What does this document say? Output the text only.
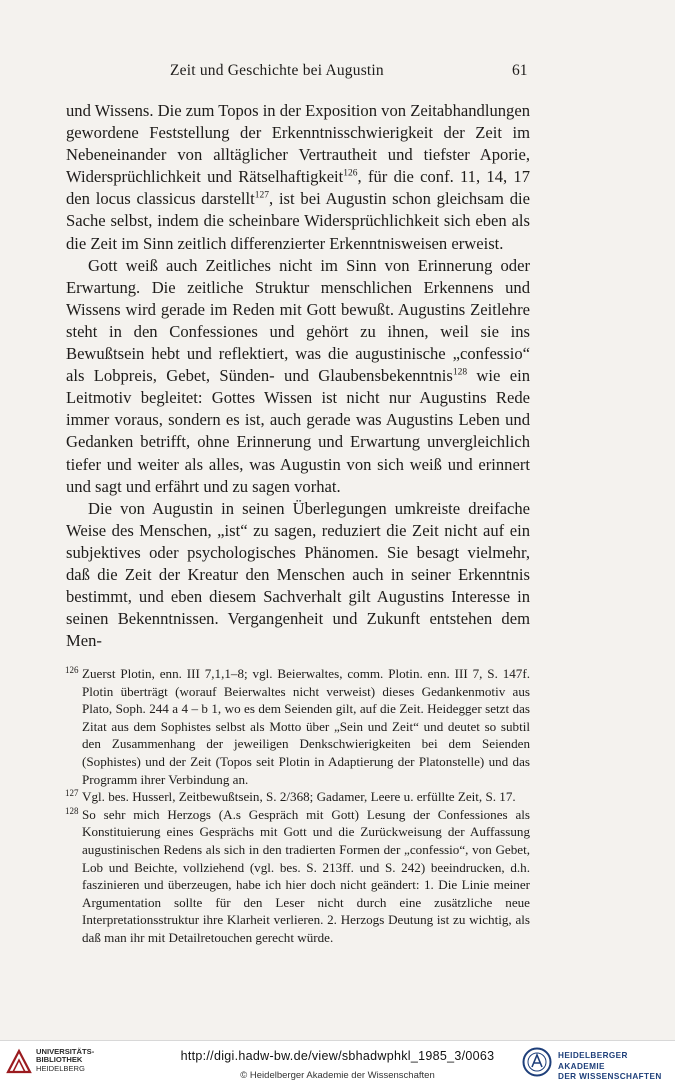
Zeit und Geschichte bei Augustin	61

und Wissens. Die zum Topos in der Exposition von Zeitabhandlungen gewordene Feststellung der Erkenntnisschwierigkeit der Zeit im Nebeneinander von alltäglicher Vertrautheit und tiefster Aporie, Widersprüchlichkeit und Rätselhaftigkeit$^{126}$, für die conf. 11, 14, 17 den locus classicus darstellt$^{127}$, ist bei Augustin schon gleichsam die Sache selbst, indem die scheinbare Widersprüchlichkeit sich eben als die Zeit im Sinn zeitlich differenzierter Erkenntnisweisen erweist.

Gott weiß auch Zeitliches nicht im Sinn von Erinnerung oder Erwartung. Die zeitliche Struktur menschlichen Erkennens und Wissens wird gerade im Reden mit Gott bewußt. Augustins Zeitlehre steht in den Confessiones und gehört zu ihnen, weil sie ins Bewußtsein hebt und reflektiert, was die augustinische „confessio“ als Lobpreis, Gebet, Sünden- und Glaubensbekenntnis$^{128}$ wie ein Leitmotiv begleitet: Gottes Wissen ist nicht nur Augustins Rede immer voraus, sondern es ist, auch gerade was Augustins Leben und Gedanken betrifft, ohne Erinnerung und Erwartung unvergleichlich tiefer und weiter als alles, was Augustin von sich weiß und erinnert und sagt und erfährt und zu sagen vorhat.

Die von Augustin in seinen Überlegungen umkreiste dreifache Weise des Menschen, „ist“ zu sagen, reduziert die Zeit nicht auf ein subjektives oder psychologisches Phänomen. Sie besagt vielmehr, daß die Zeit der Kreatur den Menschen auch in seiner Erkenntnis bestimmt, und eben diesem Sachverhalt gilt Augustins Interesse in seinen Bekenntnissen. Vergangenheit und Zukunft entstehen dem Men-

126 Zuerst Plotin, enn. III 7,1,1–8; vgl. Beierwaltes, comm. Plotin. enn. III 7, S. 147f. Plotin überträgt (worauf Beierwaltes nicht verweist) dieses Gedankenmotiv aus Plato, Soph. 244 a 4 – b 1, wo es dem Seienden gilt, auf die Zeit. Heidegger setzt das Zitat aus dem Sophistes selbst als Motto über „Sein und Zeit“ und deutet so subtil den Zusammenhang der jeweiligen Denkschwierigkeiten bei dem Seienden (Sophistes) und der Zeit (Topos seit Plotin in Adaptierung der Platonstelle) und das Programm ihrer Verbindung an.

127 Vgl. bes. Husserl, Zeitbewußtsein, S. 2/368; Gadamer, Leere u. erfüllte Zeit, S. 17.

128 So sehr mich Herzogs (A.s Gespräch mit Gott) Lesung der Confessiones als Konstituierung eines Gesprächs mit Gott und die Zurückweisung der Auffassung augustinischen Redens als sich in den tradierten Formen der „confessio“, von Gebet, Lob und Beichte, vollziehend (vgl. bes. S. 213ff. und S. 242) beeindrucken, d.h. faszinieren und überzeugen, habe ich hier doch nicht geändert: 1. Die Linie meiner Argumentation sollte für den Leser nicht durch eine zusätzliche neue Interpretationsstruktur ihre Klarheit verlieren. 2. Herzogs Deutung ist zu wichtig, als daß man ihr mit Detailretouchen gerecht würde.

UNIVERSITÄTS-
BIBLIOTHEK
HEIDELBERG
http://digi.hadw-bw.de/view/sbhadwphkl_1985_3/0063
© Heidelberger Akademie der Wissenschaften
HEIDELBERGER AKADEMIE
DER WISSENSCHAFTEN
